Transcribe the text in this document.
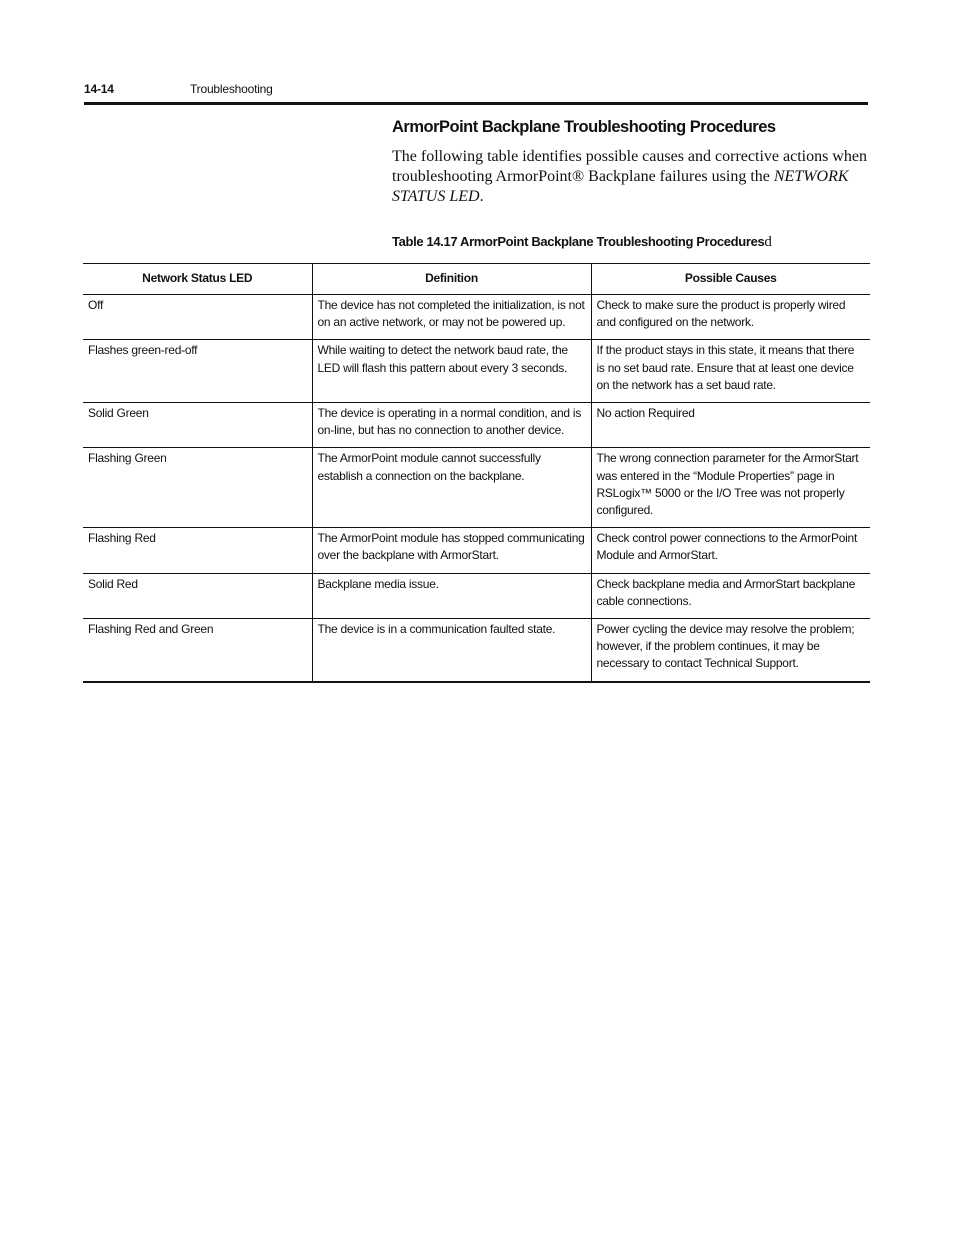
14-14	Troubleshooting
ArmorPoint Backplane Troubleshooting Procedures

The following table identifies possible causes and corrective actions when troubleshooting ArmorPoint® Backplane failures using the NETWORK STATUS LED.

Table 14.17 ArmorPoint Backplane Troubleshooting Proceduresd
Network Status LED	Definition	Possible Causes
Off	The device has not completed the initialization, is not on an active network, or may not be powered up.	Check to make sure the product is properly wired and configured on the network.
Flashes green-red-off	While waiting to detect the network baud rate, the LED will flash this pattern about every 3 seconds.	If the product stays in this state, it means that there is no set baud rate. Ensure that at least one device on the network has a set baud rate.
Solid Green	The device is operating in a normal condition, and is on-line, but has no connection to another device.	No action Required
Flashing Green	The ArmorPoint module cannot successfully establish a connection on the backplane.	The wrong connection parameter for the ArmorStart was entered in the “Module Properties” page in RSLogix™ 5000 or the I/O Tree was not properly configured.
Flashing Red	The ArmorPoint module has stopped communicating over the backplane with ArmorStart.	Check control power connections to the ArmorPoint Module and ArmorStart.
Solid Red	Backplane media issue.	Check backplane media and ArmorStart backplane cable connections.
Flashing Red and Green	The device is in a communication faulted state.	Power cycling the device may resolve the problem; however, if the problem continues, it may be necessary to contact Technical Support.
